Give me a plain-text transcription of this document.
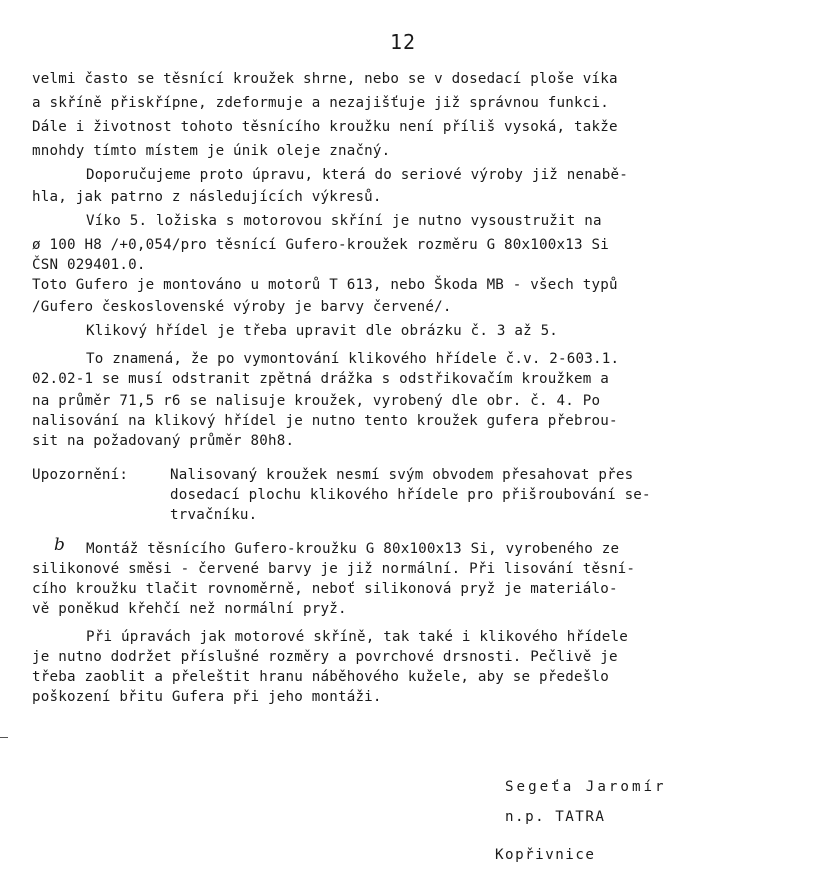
12
velmi často se těsnící kroužek shrne, nebo se v dosedací ploše víka
a skříně přiskřípne, zdeformuje a nezajišťuje již správnou funkci.
Dále i životnost tohoto těsnícího kroužku není příliš vysoká, takže
mnohdy tímto místem je únik oleje značný.
Doporučujeme proto úpravu, která do seriové výroby již nenabě-
hla, jak patrno z následujících výkresů.
Víko 5. ložiska s motorovou skříní je nutno vysoustružit na
ø 100 H8 /+0,054/pro těsnící Gufero-kroužek rozměru G 80x100x13 Si
ČSN 029401.0.
Toto Gufero je montováno u motorů T 613, nebo Škoda MB - všech typů
/Gufero československé výroby je barvy červené/.
Klikový hřídel je třeba upravit dle obrázku č. 3 až 5.
To znamená, že po vymontování klikového hřídele č.v. 2-603.1.
02.02-1 se musí odstranit zpětná drážka s odstřikovačím kroužkem a
na průměr 71,5 r6 se nalisuje kroužek, vyrobený dle obr. č. 4. Po
nalisování na klikový hřídel je nutno tento kroužek gufera přebrou-
sit na požadovaný průměr 80h8.
Upozornění:	Nalisovaný kroužek nesmí svým obvodem přesahovat přes
dosedací plochu klikového hřídele pro přišroubování se-
trvačníku.
b Montáž těsnícího Gufero-kroužku G 80x100x13 Si, vyrobeného ze
silikonové směsi - červené barvy je již normální. Při lisování těsní-
cího kroužku tlačit rovnoměrně, neboť silikonová pryž je materiálo-
vě poněkud křehčí než normální pryž.
Při úpravách jak motorové skříně, tak také i klikového hřídele
je nutno dodržet příslušné rozměry a povrchové drsnosti. Pečlivě je
třeba zaoblit a přeleštit hranu náběhového kužele, aby se předešlo
poškození břitu Gufera při jeho montáži.
Segeťa Jaromír
n.p. TATRA
Kopřivnice
